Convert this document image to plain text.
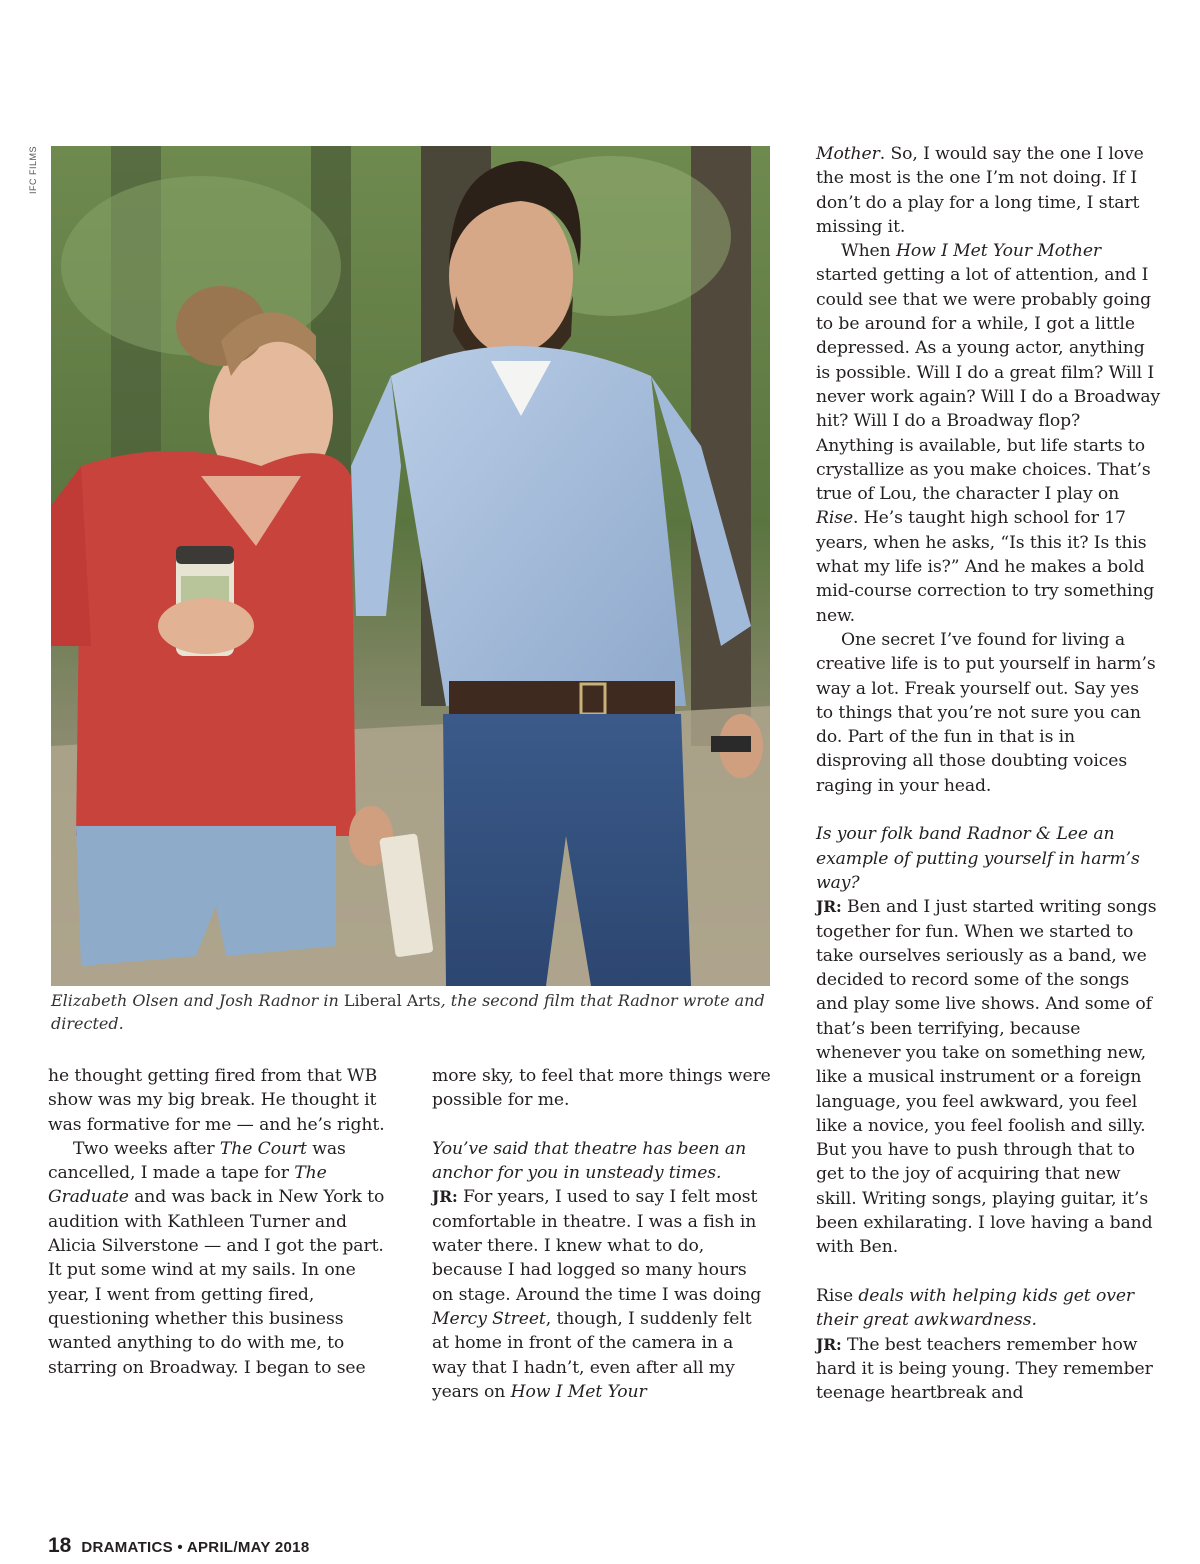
IFC FILMS
Elizabeth Olsen and Josh Radnor in Liberal Arts, the second film that Radnor wrote and directed.

he thought getting fired from that WB show was my big break. He thought it was formative for me — and he’s right.

Two weeks after The Court was cancelled, I made a tape for The Graduate and was back in New York to audition with Kathleen Turner and Alicia Silverstone — and I got the part. It put some wind at my sails. In one year, I went from getting fired, questioning whether this business wanted anything to do with me, to starring on Broadway. I began to see

more sky, to feel that more things were possible for me.

You’ve said that theatre has been an anchor for you in unsteady times.

JR: For years, I used to say I felt most comfortable in theatre. I was a fish in water there. I knew what to do, because I had logged so many hours on stage. Around the time I was doing Mercy Street, though, I suddenly felt at home in front of the camera in a way that I hadn’t, even after all my years on How I Met Your

Mother. So, I would say the one I love the most is the one I’m not doing. If I don’t do a play for a long time, I start missing it.

When How I Met Your Mother started getting a lot of attention, and I could see that we were probably going to be around for a while, I got a little depressed. As a young actor, anything is possible. Will I do a great film? Will I never work again? Will I do a Broadway hit? Will I do a Broadway flop? Anything is available, but life starts to crystallize as you make choices. That’s true of Lou, the character I play on Rise. He’s taught high school for 17 years, when he asks, “Is this it? Is this what my life is?” And he makes a bold mid-course correction to try something new.

One secret I’ve found for living a creative life is to put yourself in harm’s way a lot. Freak yourself out. Say yes to things that you’re not sure you can do. Part of the fun in that is in disproving all those doubting voices raging in your head.

Is your folk band Radnor & Lee an example of putting yourself in harm’s way?

JR: Ben and I just started writing songs together for fun. When we started to take ourselves seriously as a band, we decided to record some of the songs and play some live shows. And some of that’s been terrifying, because whenever you take on something new, like a musical instrument or a foreign language, you feel awkward, you feel like a novice, you feel foolish and silly. But you have to push through that to get to the joy of acquiring that new skill. Writing songs, playing guitar, it’s been exhilarating. I love having a band with Ben.

Rise deals with helping kids get over their great awkwardness.

JR: The best teachers remember how hard it is being young. They remember teenage heartbreak and

18 DRAMATICS • APRIL/MAY 2018
